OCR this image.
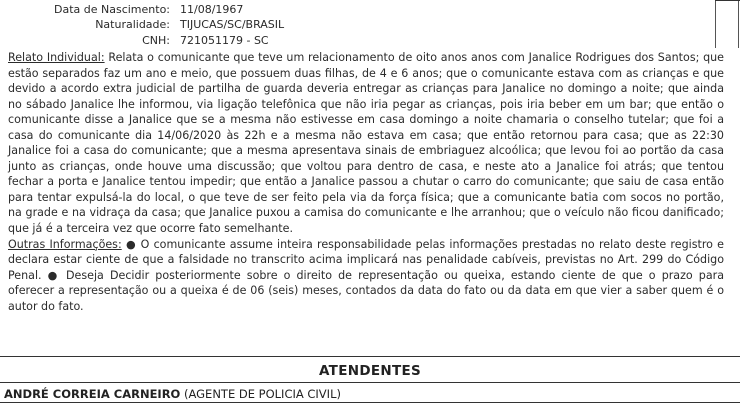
Data de Nascimento: 11/08/1967
Naturalidade: TIJUCAS/SC/BRASIL
CNH: 721051179 - SC
Relato Individual: Relata o comunicante que teve um relacionamento de oito anos anos com Janalice Rodrigues dos Santos; que estão separados faz um ano e meio, que possuem duas filhas, de 4 e 6 anos; que o comunicante estava com as crianças e que devido a acordo extra judicial de partilha de guarda deveria entregar as crianças para Janalice no domingo a noite; que ainda no sábado Janalice lhe informou, via ligação telefônica que não iria pegar as crianças, pois iria beber em um bar; que então o comunicante disse a Janalice que se a mesma não estivesse em casa domingo a noite chamaria o conselho tutelar; que foi a casa do comunicante dia 14/06/2020 às 22h e a mesma não estava em casa; que então retornou para casa; que as 22:30 Janalice foi a casa do comunicante; que a mesma apresentava sinais de embriaguez alcoólica; que levou foi ao portão da casa junto as crianças, onde houve uma discussão; que voltou para dentro de casa, e neste ato a Janalice foi atrás; que tentou fechar a porta e Janalice tentou impedir; que então a Janalice passou a chutar o carro do comunicante; que saiu de casa então para tentar expulsá-la do local, o que teve de ser feito pela via da força física; que a comunicante batia com socos no portão, na grade e na vidraça da casa; que Janalice puxou a camisa do comunicante e lhe arranhou; que o veículo não ficou danificado; que já é a terceira vez que ocorre fato semelhante.
Outras Informações: ● O comunicante assume inteira responsabilidade pelas informações prestadas no relato deste registro e declara estar ciente de que a falsidade no transcrito acima implicará nas penalidade cabíveis, previstas no Art. 299 do Código Penal. ● Deseja Decidir posteriormente sobre o direito de representação ou queixa, estando ciente de que o prazo para oferecer a representação ou a queixa é de 06 (seis) meses, contados da data do fato ou da data em que vier a saber quem é o autor do fato.
ATENDENTES
ANDRÉ CORREIA CARNEIRO (AGENTE DE POLICIA CIVIL)
